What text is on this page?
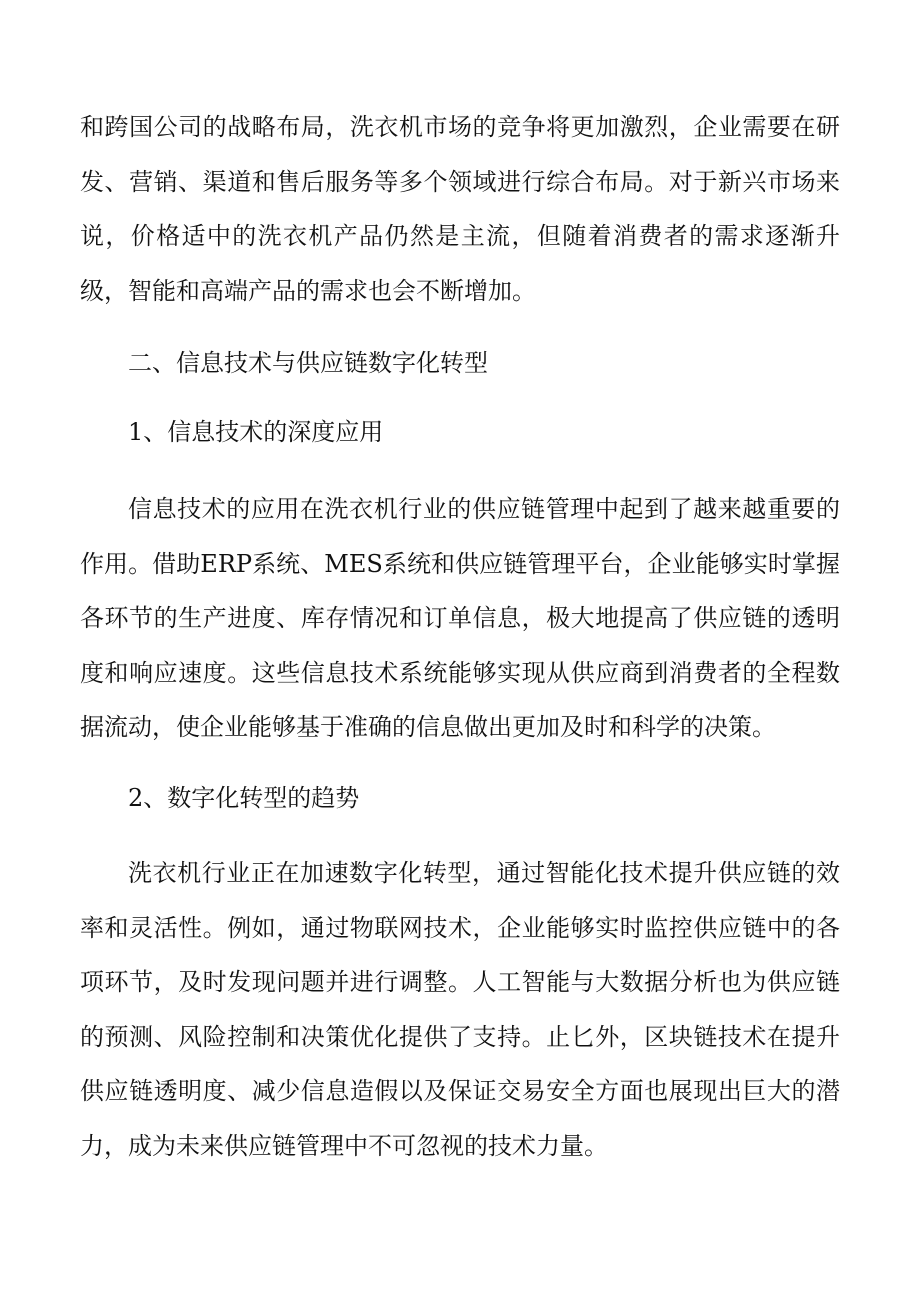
和跨国公司的战略布局，洗衣机市场的竞争将更加激烈，企业需要在研发、营销、渠道和售后服务等多个领域进行综合布局。对于新兴市场来说，价格适中的洗衣机产品仍然是主流，但随着消费者的需求逐渐升级，智能和高端产品的需求也会不断增加。

二、信息技术与供应链数字化转型

1、信息技术的深度应用

信息技术的应用在洗衣机行业的供应链管理中起到了越来越重要的作用。借助ERP系统、MES系统和供应链管理平台，企业能够实时掌握各环节的生产进度、库存情况和订单信息，极大地提高了供应链的透明度和响应速度。这些信息技术系统能够实现从供应商到消费者的全程数据流动，使企业能够基于准确的信息做出更加及时和科学的决策。

2、数字化转型的趋势

洗衣机行业正在加速数字化转型，通过智能化技术提升供应链的效率和灵活性。例如，通过物联网技术，企业能够实时监控供应链中的各项环节，及时发现问题并进行调整。人工智能与大数据分析也为供应链的预测、风险控制和决策优化提供了支持。止匕外，区块链技术在提升供应链透明度、减少信息造假以及保证交易安全方面也展现出巨大的潜力，成为未来供应链管理中不可忽视的技术力量。
